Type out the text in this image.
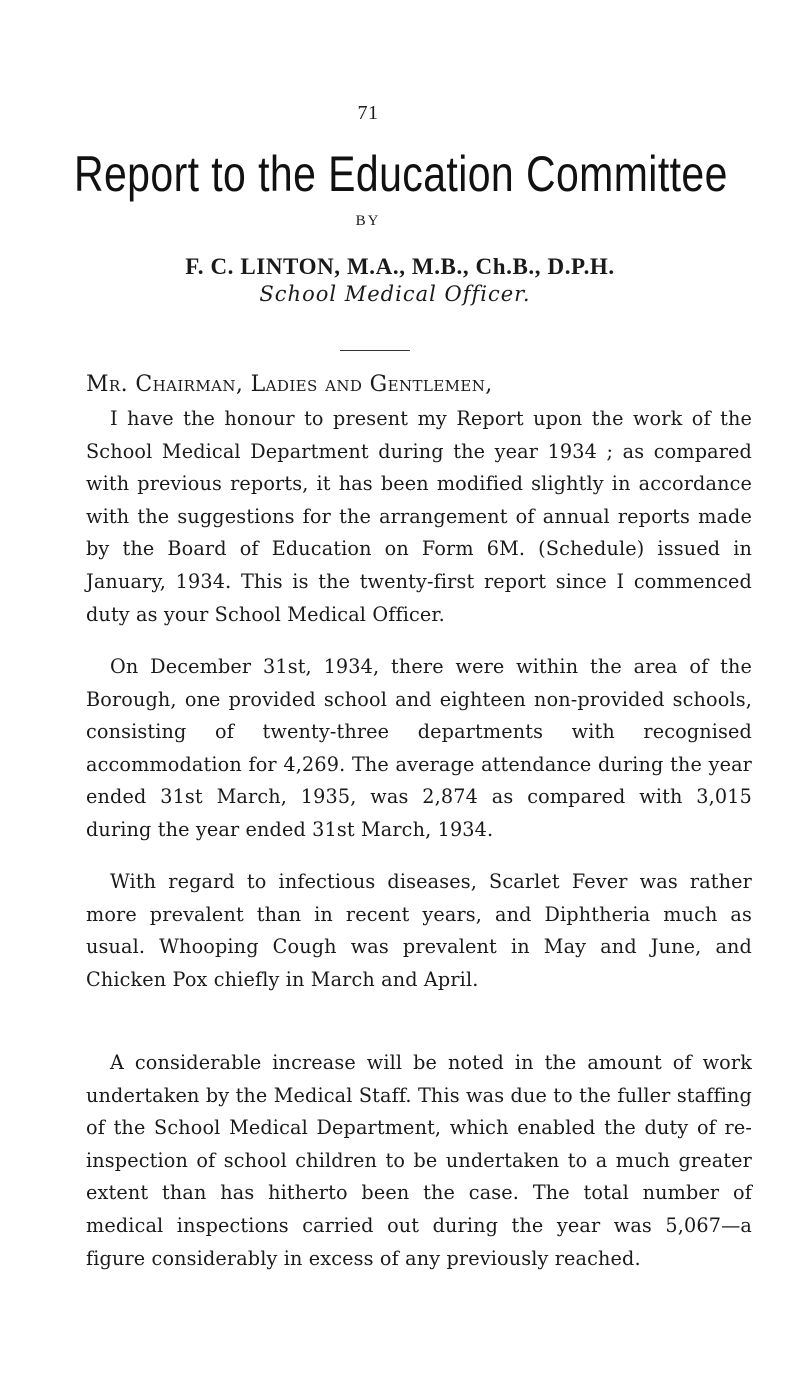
71
Report to the Education Committee
BY
F. C. LINTON, M.A., M.B., Ch.B., D.P.H.
School Medical Officer.
Mr. Chairman, Ladies and Gentlemen,

I have the honour to present my Report upon the work of the School Medical Department during the year 1934 ; as compared with previous reports, it has been modified slightly in accordance with the suggestions for the arrangement of annual reports made by the Board of Education on Form 6M. (Schedule) issued in January, 1934. This is the twenty-first report since I commenced duty as your School Medical Officer.

On December 31st, 1934, there were within the area of the Borough, one provided school and eighteen non-provided schools, consisting of twenty-three departments with recognised accommodation for 4,269. The average attendance during the year ended 31st March, 1935, was 2,874 as compared with 3,015 during the year ended 31st March, 1934.

With regard to infectious diseases, Scarlet Fever was rather more prevalent than in recent years, and Diphtheria much as usual. Whooping Cough was prevalent in May and June, and Chicken Pox chiefly in March and April.

A considerable increase will be noted in the amount of work undertaken by the Medical Staff. This was due to the fuller staffing of the School Medical Department, which enabled the duty of re-inspection of school children to be undertaken to a much greater extent than has hitherto been the case. The total number of medical inspections carried out during the year was 5,067—a figure considerably in excess of any previously reached.
